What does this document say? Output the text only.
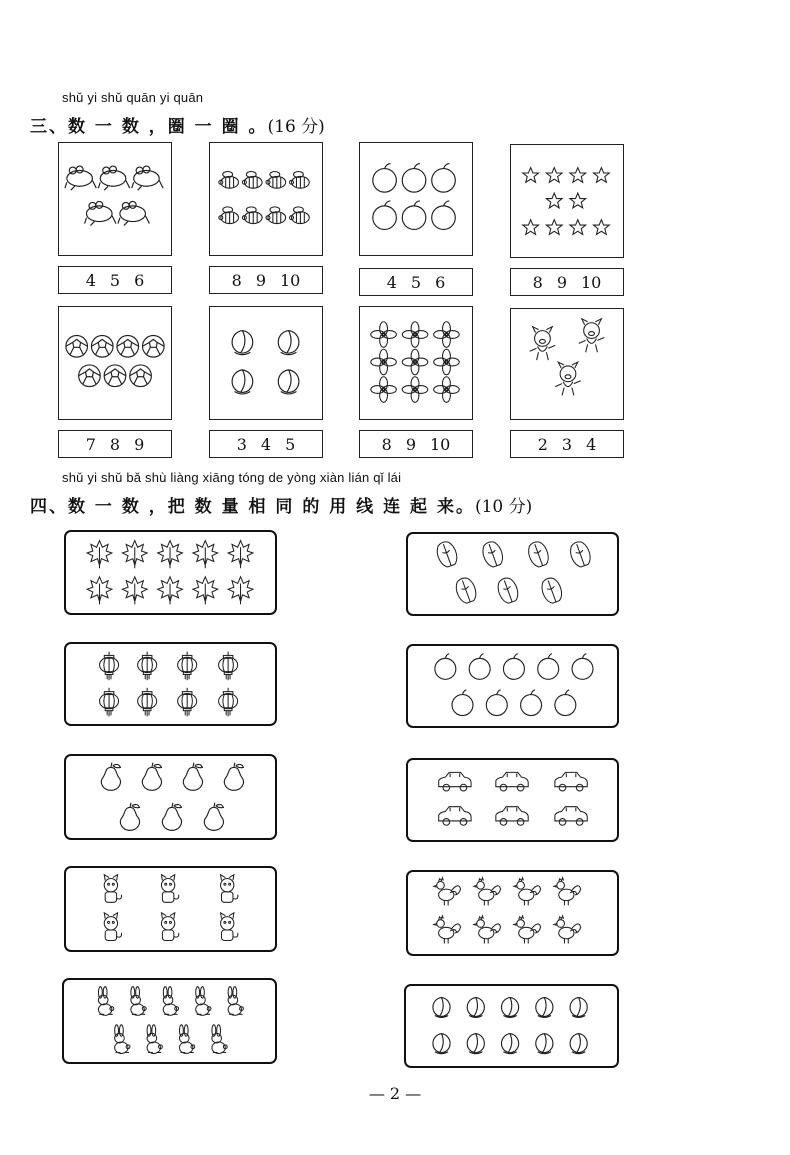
shǔ yi shǔ quān yi quān
三、数 一 数 ，圈 一 圈 。(16 分)
4 5 6	8 9 10	4 5 6	8 9 10
7 8 9	3 4 5	8 9 10	2 3 4
shǔ yi shǔ bǎ shù liàng xiāng tóng de yòng xiàn lián qǐ lái
四、数 一 数 ，把 数 量 相 同 的 用 线 连 起 来。(10 分)
— 2 —
